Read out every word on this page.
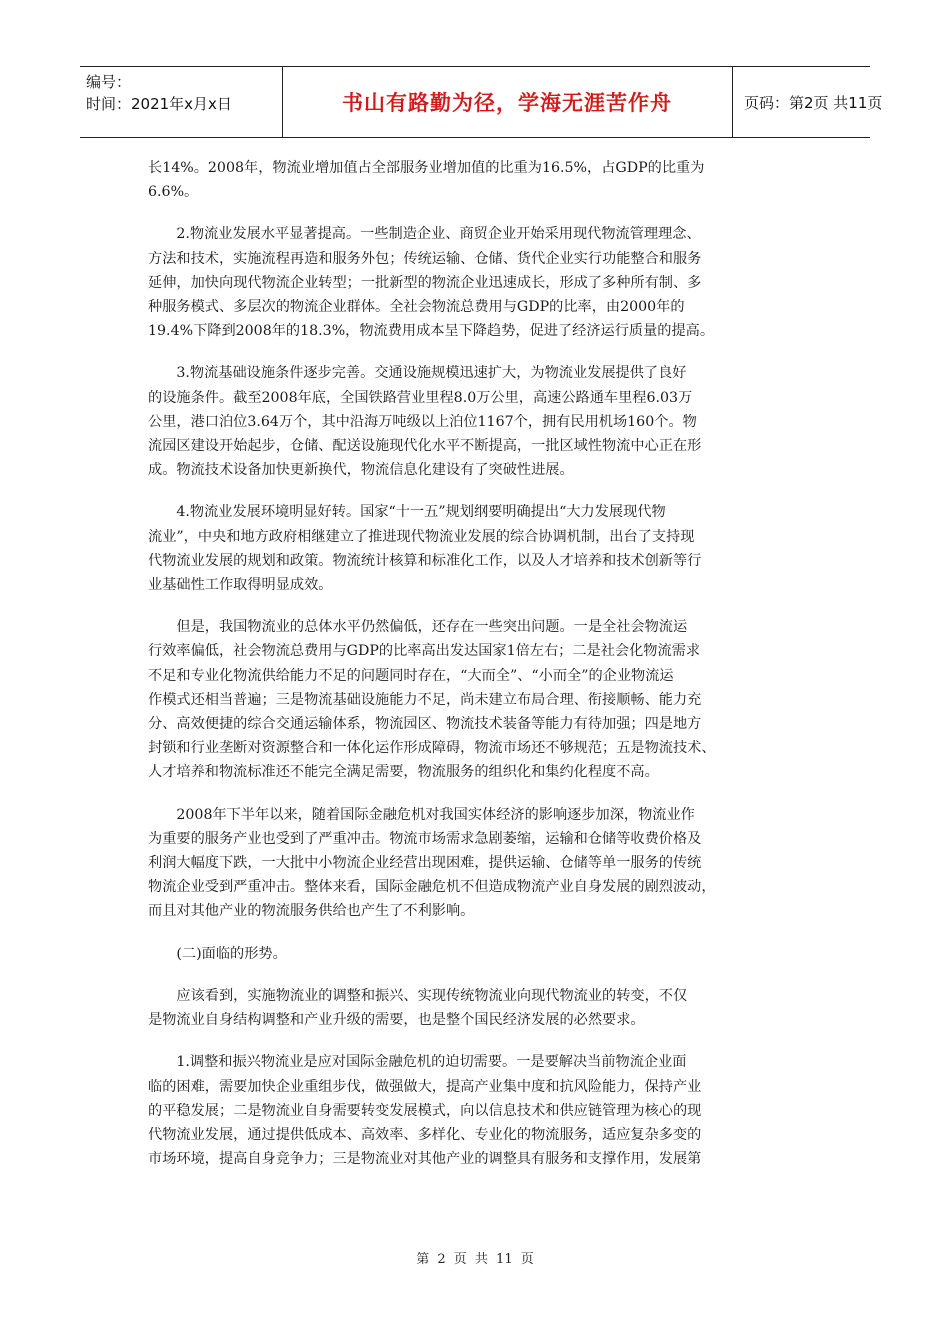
编号：
时间：2021年x月x日	书山有路勤为径，学海无涯苦作舟	页码：第2页 共11页
长14%。2008年，物流业增加值占全部服务业增加值的比重为16.5%，占GDP的比重为
6.6%。
　　2.物流业发展水平显著提高。一些制造企业、商贸企业开始采用现代物流管理理念、
方法和技术，实施流程再造和服务外包；传统运输、仓储、货代企业实行功能整合和服务
延伸，加快向现代物流企业转型；一批新型的物流企业迅速成长，形成了多种所有制、多
种服务模式、多层次的物流企业群体。全社会物流总费用与GDP的比率，由2000年的
19.4%下降到2008年的18.3%，物流费用成本呈下降趋势，促进了经济运行质量的提高。
　　3.物流基础设施条件逐步完善。交通设施规模迅速扩大，为物流业发展提供了良好
的设施条件。截至2008年底，全国铁路营业里程8.0万公里，高速公路通车里程6.03万
公里，港口泊位3.64万个，其中沿海万吨级以上泊位1167个，拥有民用机场160个。物
流园区建设开始起步，仓储、配送设施现代化水平不断提高，一批区域性物流中心正在形
成。物流技术设备加快更新换代，物流信息化建设有了突破性进展。
　　4.物流业发展环境明显好转。国家“十一五”规划纲要明确提出“大力发展现代物
流业”，中央和地方政府相继建立了推进现代物流业发展的综合协调机制，出台了支持现
代物流业发展的规划和政策。物流统计核算和标准化工作，以及人才培养和技术创新等行
业基础性工作取得明显成效。
　　但是，我国物流业的总体水平仍然偏低，还存在一些突出问题。一是全社会物流运
行效率偏低，社会物流总费用与GDP的比率高出发达国家1倍左右；二是社会化物流需求
不足和专业化物流供给能力不足的问题同时存在，“大而全”、“小而全”的企业物流运
作模式还相当普遍；三是物流基础设施能力不足，尚未建立布局合理、衔接顺畅、能力充
分、高效便捷的综合交通运输体系，物流园区、物流技术装备等能力有待加强；四是地方
封锁和行业垄断对资源整合和一体化运作形成障碍，物流市场还不够规范；五是物流技术、
人才培养和物流标准还不能完全满足需要，物流服务的组织化和集约化程度不高。
　　2008年下半年以来，随着国际金融危机对我国实体经济的影响逐步加深，物流业作
为重要的服务产业也受到了严重冲击。物流市场需求急剧萎缩，运输和仓储等收费价格及
利润大幅度下跌，一大批中小物流企业经营出现困难，提供运输、仓储等单一服务的传统
物流企业受到严重冲击。整体来看，国际金融危机不但造成物流产业自身发展的剧烈波动，
而且对其他产业的物流服务供给也产生了不利影响。
　　(二)面临的形势。
　　应该看到，实施物流业的调整和振兴、实现传统物流业向现代物流业的转变，不仅
是物流业自身结构调整和产业升级的需要，也是整个国民经济发展的必然要求。
　　1.调整和振兴物流业是应对国际金融危机的迫切需要。一是要解决当前物流企业面
临的困难，需要加快企业重组步伐，做强做大，提高产业集中度和抗风险能力，保持产业
的平稳发展；二是物流业自身需要转变发展模式，向以信息技术和供应链管理为核心的现
代物流业发展，通过提供低成本、高效率、多样化、专业化的物流服务，适应复杂多变的
市场环境，提高自身竞争力；三是物流业对其他产业的调整具有服务和支撑作用，发展第
第 2 页 共 11 页
